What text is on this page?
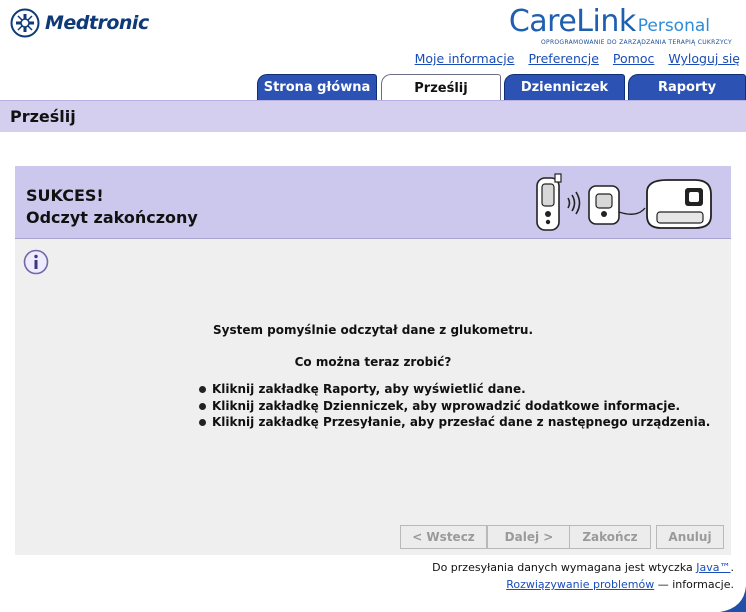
Medtronic	CareLink Personal
OPROGRAMOWANIE DO ZARZĄDZANIA TERAPIĄ CUKRZYCY
Moje informacje Preferencje Pomoc Wyloguj się
Strona główna	Prześlij	Dzienniczek	Raporty
Prześlij
SUKCES!
Odczyt zakończony
System pomyślnie odczytał dane z glukometru.
Co można teraz zrobić?
Kliknij zakładkę Raporty, aby wyświetlić dane.
Kliknij zakładkę Dzienniczek, aby wprowadzić dodatkowe informacje.
Kliknij zakładkę Przesyłanie, aby przesłać dane z następnego urządzenia.
< Wstecz	Dalej >	Zakończ	Anuluj
Do przesyłania danych wymagana jest wtyczka Java™.
Rozwiązywanie problemów — informacje.
